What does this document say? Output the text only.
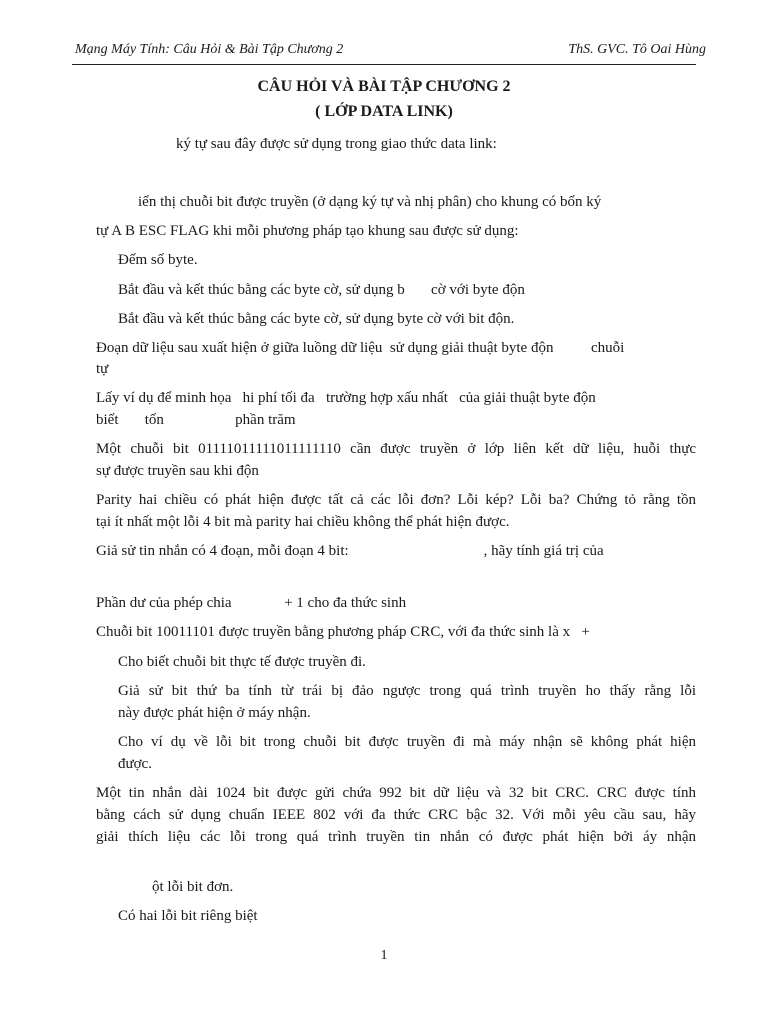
Mạng Máy Tính: Câu Hỏi & Bài Tập Chương 2	ThS. GVC. Tô Oai Hùng
CÂU HỎI VÀ BÀI TẬP CHƯƠNG 2
( LỚP DATA LINK)
ký tự sau đây được sử dụng trong giao thức data link:
iển thị chuỗi bit được truyền (ở dạng ký tự và nhị phân) cho khung có bốn ký
tự A B ESC FLAG khi mỗi phương pháp tạo khung sau được sử dụng:
Đếm số byte.
Bắt đầu và kết thúc bằng các byte cờ, sử dụng b       cờ với byte độn
Bắt đầu và kết thúc bằng các byte cờ, sử dụng byte cờ với bit độn.
Đoạn dữ liệu sau xuất hiện ở giữa luồng dữ liệu  sử dụng giải thuật byte độn          chuỗi
tự
Lấy ví dụ để minh họa   hi phí tối đa   trường hợp xấu nhất   của giải thuật byte độn
biết       tốn                   phần trăm
Một chuỗi bit 01111011111011111110 cần được truyền ở lớp liên kết dữ liệu, huỗi thực
sự được truyền sau khi độn
Parity hai chiều có phát hiện được tất cả các lỗi đơn? Lỗi kép? Lỗi ba? Chứng tỏ rằng tồn
tại ít nhất một lỗi 4 bit mà parity hai chiều không thể phát hiện được.
Giả sử tin nhắn có 4 đoạn, mỗi đoạn 4 bit:                                    , hãy tính giá trị của
Phần dư của phép chia              + 1 cho đa thức sinh
Chuỗi bit 10011101 được truyền bằng phương pháp CRC, với đa thức sinh là x   +
Cho biết chuỗi bit thực tế được truyền đi.
Giả sử bit thứ ba tính từ trái bị đảo ngược trong quá trình truyền ho thấy rằng lỗi
này được phát hiện ở máy nhận.
Cho ví dụ về lỗi bit trong chuỗi bit được truyền đi mà máy nhận sẽ không phát hiện
được.
Một tin nhắn dài 1024 bit được gửi chứa 992 bit dữ liệu và 32 bit CRC. CRC được tính
bằng cách sử dụng chuẩn IEEE 802 với đa thức CRC bậc 32. Với mỗi yêu cầu sau, hãy
giải thích liệu các lỗi trong quá trình truyền tin nhắn có được phát hiện bởi áy nhận
ột lỗi bit đơn.
Có hai lỗi bit riêng biệt
1
